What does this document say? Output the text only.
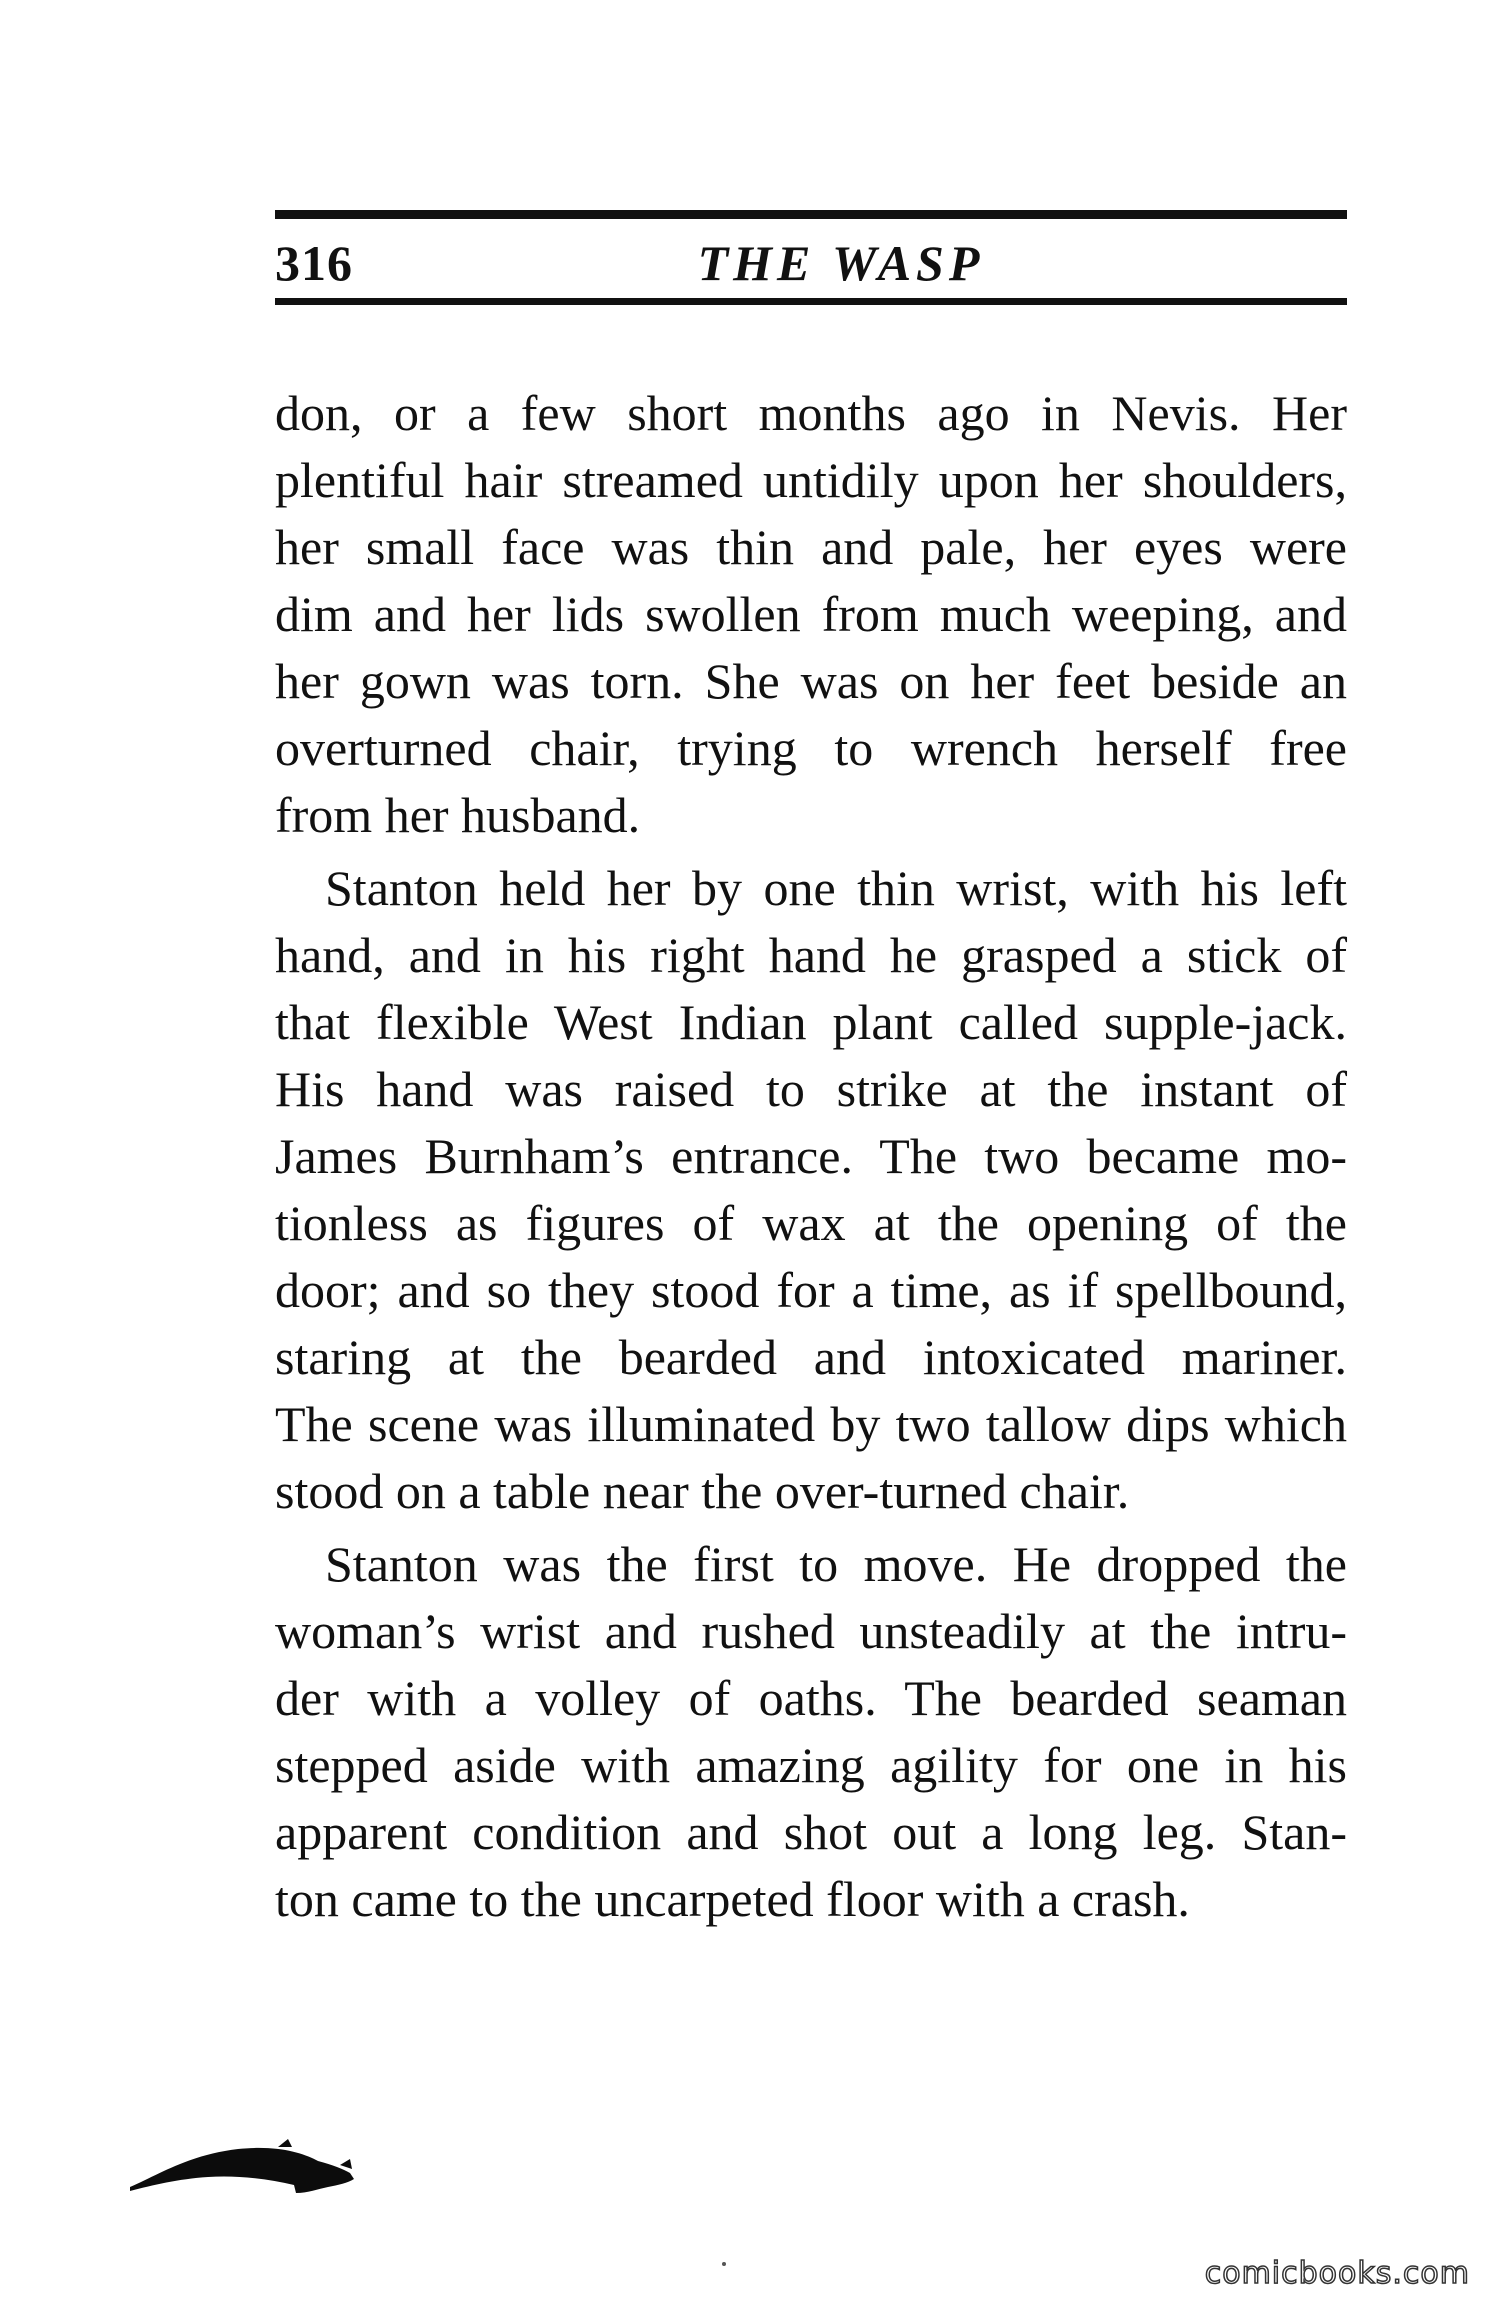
316	THE WASP
don, or a few short months ago in Nevis. Her
plentiful hair streamed untidily upon her shoulders,
her small face was thin and pale, her eyes were
dim and her lids swollen from much weeping, and
her gown was torn. She was on her feet beside an
overturned chair, trying to wrench herself free
from her husband.
Stanton held her by one thin wrist, with his left
hand, and in his right hand he grasped a stick of
that flexible West Indian plant called supple-jack.
His hand was raised to strike at the instant of
James Burnham’s entrance. The two became mo-
tionless as figures of wax at the opening of the
door; and so they stood for a time, as if spellbound,
staring at the bearded and intoxicated mariner.
The scene was illuminated by two tallow dips which
stood on a table near the over-turned chair.
Stanton was the first to move. He dropped the
woman’s wrist and rushed unsteadily at the intru-
der with a volley of oaths. The bearded seaman
stepped aside with amazing agility for one in his
apparent condition and shot out a long leg. Stan-
ton came to the uncarpeted floor with a crash.
comicbooks.com
